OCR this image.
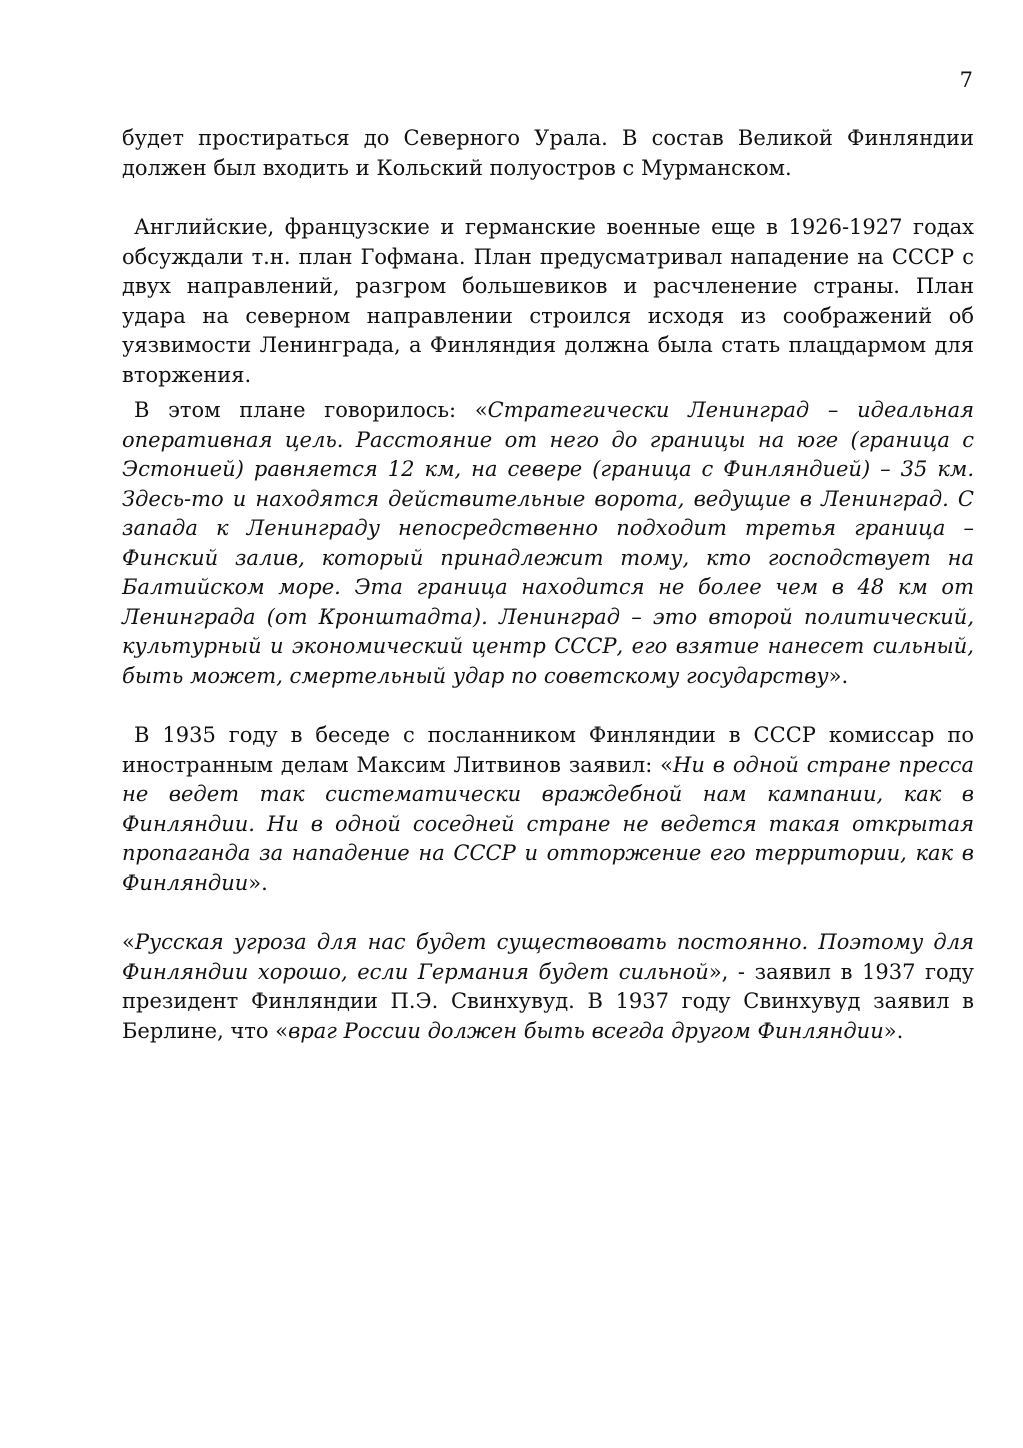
7

будет простираться до Северного Урала. В состав Великой Финляндии должен был входить и Кольский полуостров с Мурманском.

Английские, французские и германские военные еще в 1926-1927 годах обсуждали т.н. план Гофмана. План предусматривал нападение на СССР с двух направлений, разгром большевиков и расчленение страны. План удара на северном направлении строился исходя из соображений об уязвимости Ленинграда, а Финляндия должна была стать плацдармом для вторжения.

В этом плане говорилось: «Стратегически Ленинград – идеальная оперативная цель. Расстояние от него до границы на юге (граница с Эстонией) равняется 12 км, на севере (граница с Финляндией) – 35 км. Здесь-то и находятся действительные ворота, ведущие в Ленинград. С запада к Ленинграду непосредственно подходит третья граница – Финский залив, который принадлежит тому, кто господствует на Балтийском море. Эта граница находится не более чем в 48 км от Ленинграда (от Кронштадта). Ленинград – это второй политический, культурный и экономический центр СССР, его взятие нанесет сильный, быть может, смертельный удар по советскому государству».

В 1935 году в беседе с посланником Финляндии в СССР комиссар по иностранным делам Максим Литвинов заявил: «Ни в одной стране пресса не ведет так систематически враждебной нам кампании, как в Финляндии. Ни в одной соседней стране не ведется такая открытая пропаганда за нападение на СССР и отторжение его территории, как в Финляндии».

«Русская угроза для нас будет существовать постоянно. Поэтому для Финляндии хорошо, если Германия будет сильной», - заявил в 1937 году президент Финляндии П.Э. Свинхувуд. В 1937 году Свинхувуд заявил в Берлине, что «враг России должен быть всегда другом Финляндии».
